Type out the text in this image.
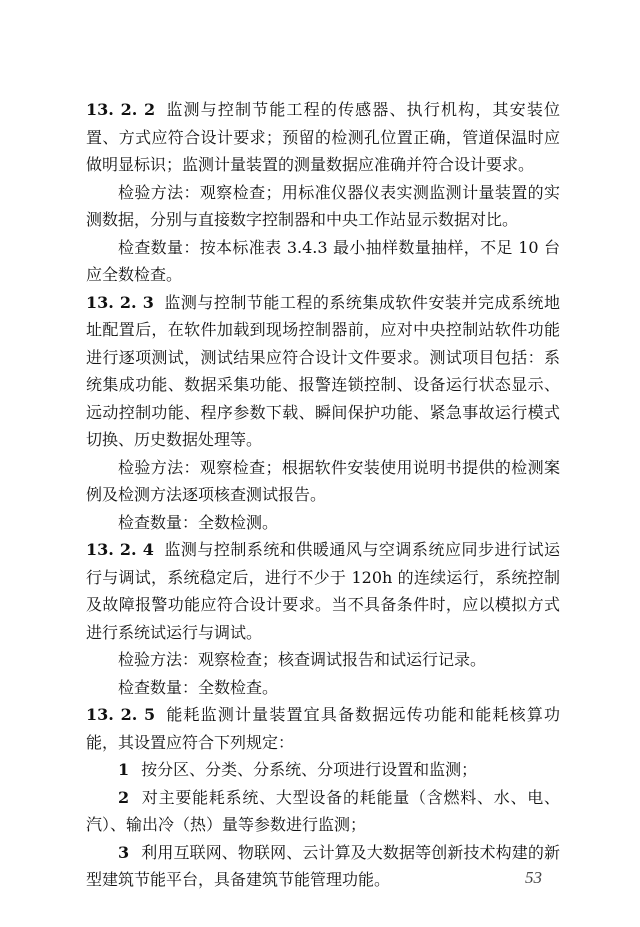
13. 2. 2 监测与控制节能工程的传感器、执行机构，其安装位置、方式应符合设计要求；预留的检测孔位置正确，管道保温时应做明显标识；监测计量装置的测量数据应准确并符合设计要求。

检验方法：观察检查；用标准仪器仪表实测监测计量装置的实测数据，分别与直接数字控制器和中央工作站显示数据对比。

检查数量：按本标准表 3.4.3 最小抽样数量抽样，不足 10 台应全数检查。

13. 2. 3 监测与控制节能工程的系统集成软件安装并完成系统地址配置后，在软件加载到现场控制器前，应对中央控制站软件功能进行逐项测试，测试结果应符合设计文件要求。测试项目包括：系统集成功能、数据采集功能、报警连锁控制、设备运行状态显示、远动控制功能、程序参数下载、瞬间保护功能、紧急事故运行模式切换、历史数据处理等。

检验方法：观察检查；根据软件安装使用说明书提供的检测案例及检测方法逐项核查测试报告。

检查数量：全数检测。

13. 2. 4 监测与控制系统和供暖通风与空调系统应同步进行试运行与调试，系统稳定后，进行不少于 120h 的连续运行，系统控制及故障报警功能应符合设计要求。当不具备条件时，应以模拟方式进行系统试运行与调试。

检验方法：观察检查；核查调试报告和试运行记录。

检查数量：全数检查。

13. 2. 5 能耗监测计量装置宜具备数据远传功能和能耗核算功能，其设置应符合下列规定：

1 按分区、分类、分系统、分项进行设置和监测；

2 对主要能耗系统、大型设备的耗能量（含燃料、水、电、汽）、输出冷（热）量等参数进行监测；

3 利用互联网、物联网、云计算及大数据等创新技术构建的新型建筑节能平台，具备建筑节能管理功能。	53
